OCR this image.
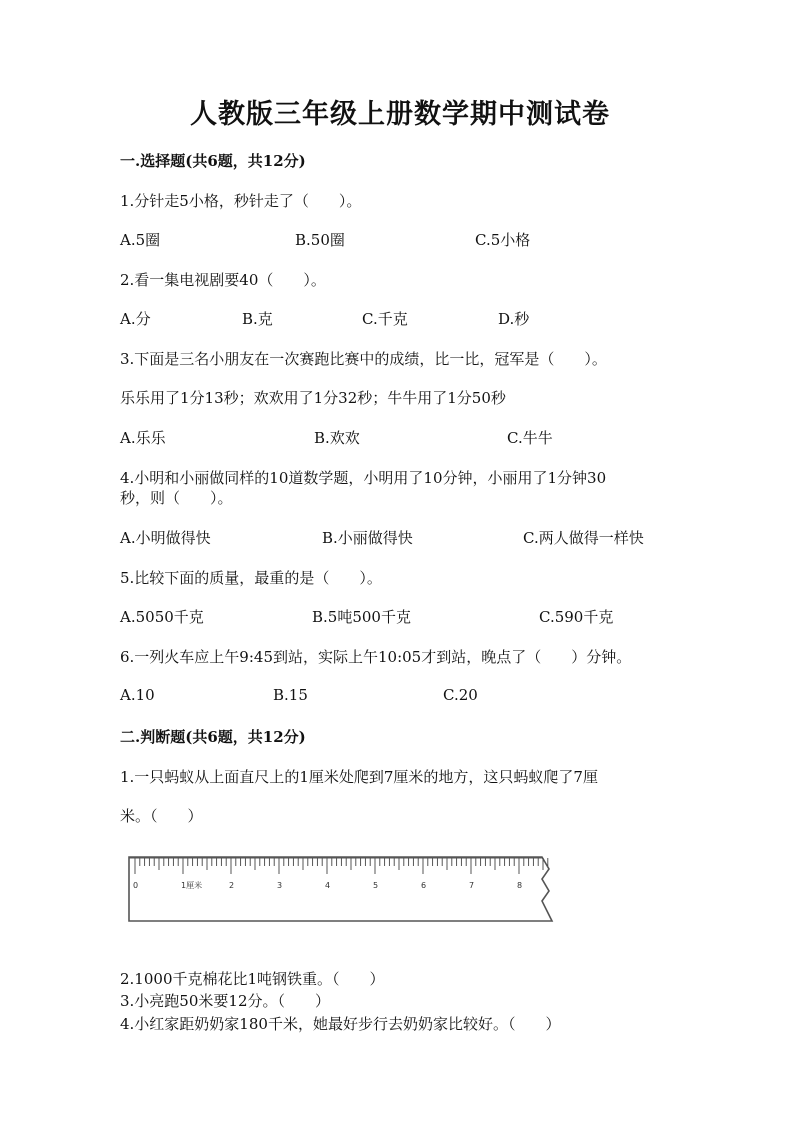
人教版三年级上册数学期中测试卷
一.选择题(共6题，共12分)
1.分针走5小格，秒针走了（　　）。
A.5圈	B.50圈	C.5小格
2.看一集电视剧要40（　　）。
A.分	B.克	C.千克	D.秒
3.下面是三名小朋友在一次赛跑比赛中的成绩，比一比，冠军是（　　）。
乐乐用了1分13秒；欢欢用了1分32秒；牛牛用了1分50秒
A.乐乐	B.欢欢	C.牛牛
4.小明和小丽做同样的10道数学题，小明用了10分钟，小丽用了1分钟30
秒，则（　　）。
A.小明做得快	B.小丽做得快	C.两人做得一样快
5.比较下面的质量，最重的是（　　）。
A.5050千克	B.5吨500千克	C.590千克
6.一列火车应上午9:45到站，实际上午10:05才到站，晚点了（　　）分钟。
A.10	B.15	C.20
二.判断题(共6题，共12分)
1.一只蚂蚁从上面直尺上的1厘米处爬到7厘米的地方，这只蚂蚁爬了7厘
米。（　　）
0	1厘米	2	3	4	5	6	7	8
2.1000千克棉花比1吨钢铁重。（　　）
3.小亮跑50米要12分。（　　）
4.小红家距奶奶家180千米，她最好步行去奶奶家比较好。（　　）
